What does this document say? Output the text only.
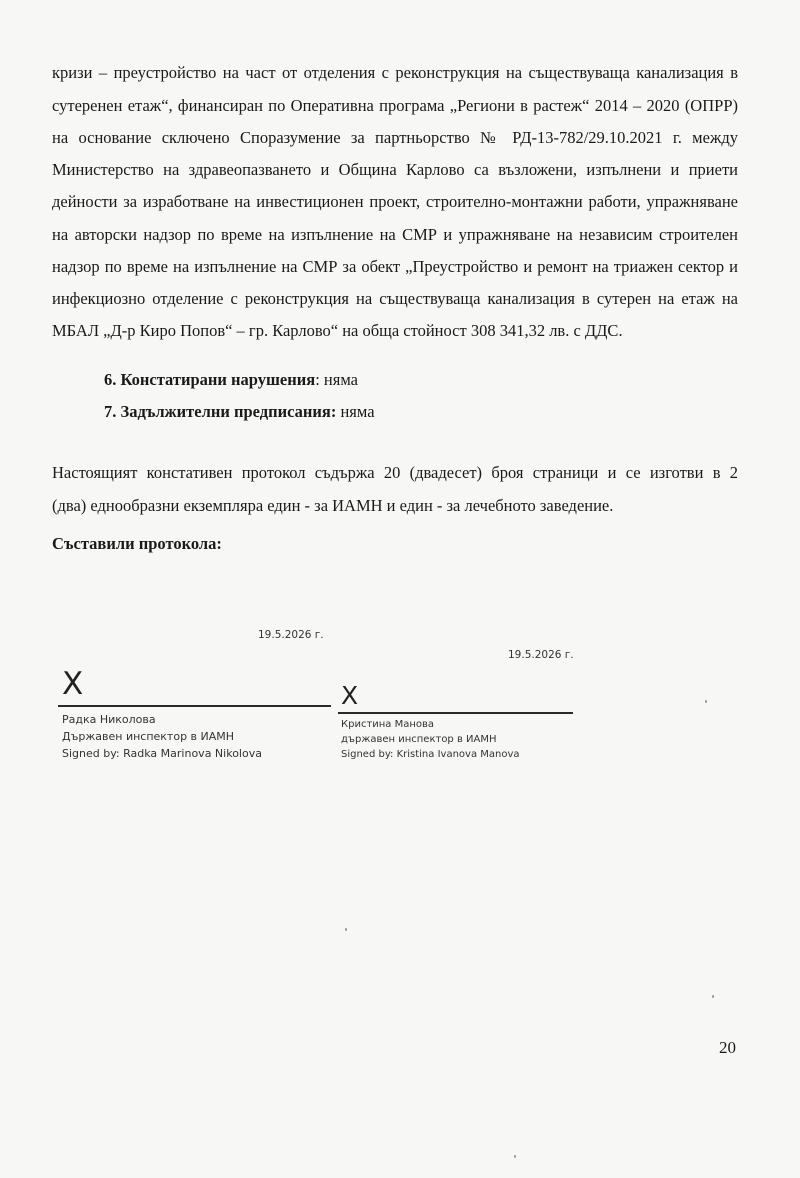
кризи – преустройство на част от отделения с реконструкция на съществуваща канализация в
сутеренен етаж“, финансиран по Оперативна програма „Региони в растеж“ 2014 – 2020 (ОПРР)
на основание сключено Споразумение за партньорство № РД-13-782/29.10.2021 г. между
Министерство на здравеопазването и Община Карлово са възложени, изпълнени и приети
дейности за изработване на инвестиционен проект, строително-монтажни работи, упражняване
на авторски надзор по време на изпълнение на СМР и упражняване на независим строителен
надзор по време на изпълнение на СМР за обект „Преустройство и ремонт на триажен сектор и
инфекциозно отделение с реконструкция на съществуваща канализация в сутерен на етаж на
МБАЛ „Д-р Киро Попов“ – гр. Карлово“ на обща стойност 308 341,32 лв. с ДДС.
6. Констатирани нарушения: няма
7. Задължителни предписания: няма
Настоящият констативен протокол съдържа 20 (двадесет) броя страници и се изготви в 2
(два) еднообразни екземпляра един - за ИАМН и един - за лечебното заведение.
Съставили протокола:
19.5.2026 г.
X
Радка Николова
Държавен инспектор в ИАМН
Signed by: Radka Marinova Nikolova
19.5.2026 г.
X
Кристина Манова
държавен инспектор в ИАМН
Signed by: Kristina Ivanova Manova
20
